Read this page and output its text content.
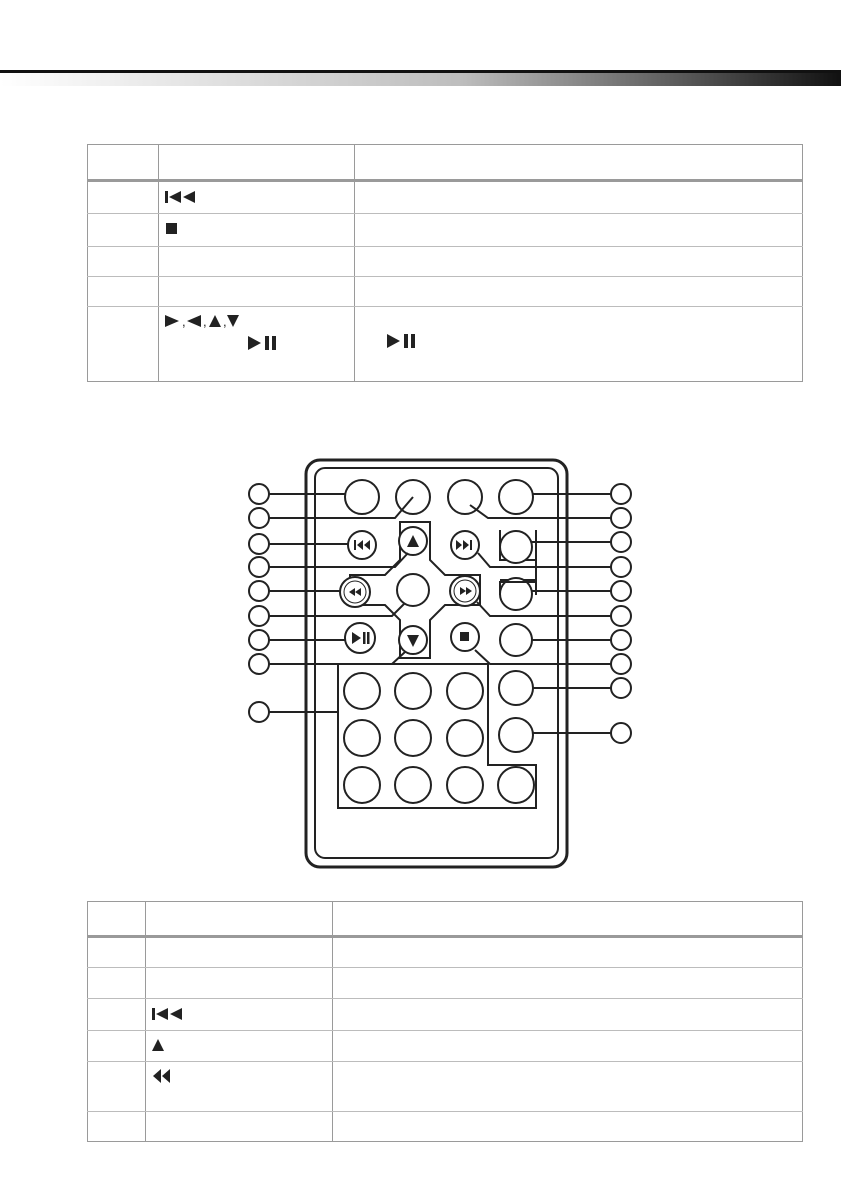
, , ,
